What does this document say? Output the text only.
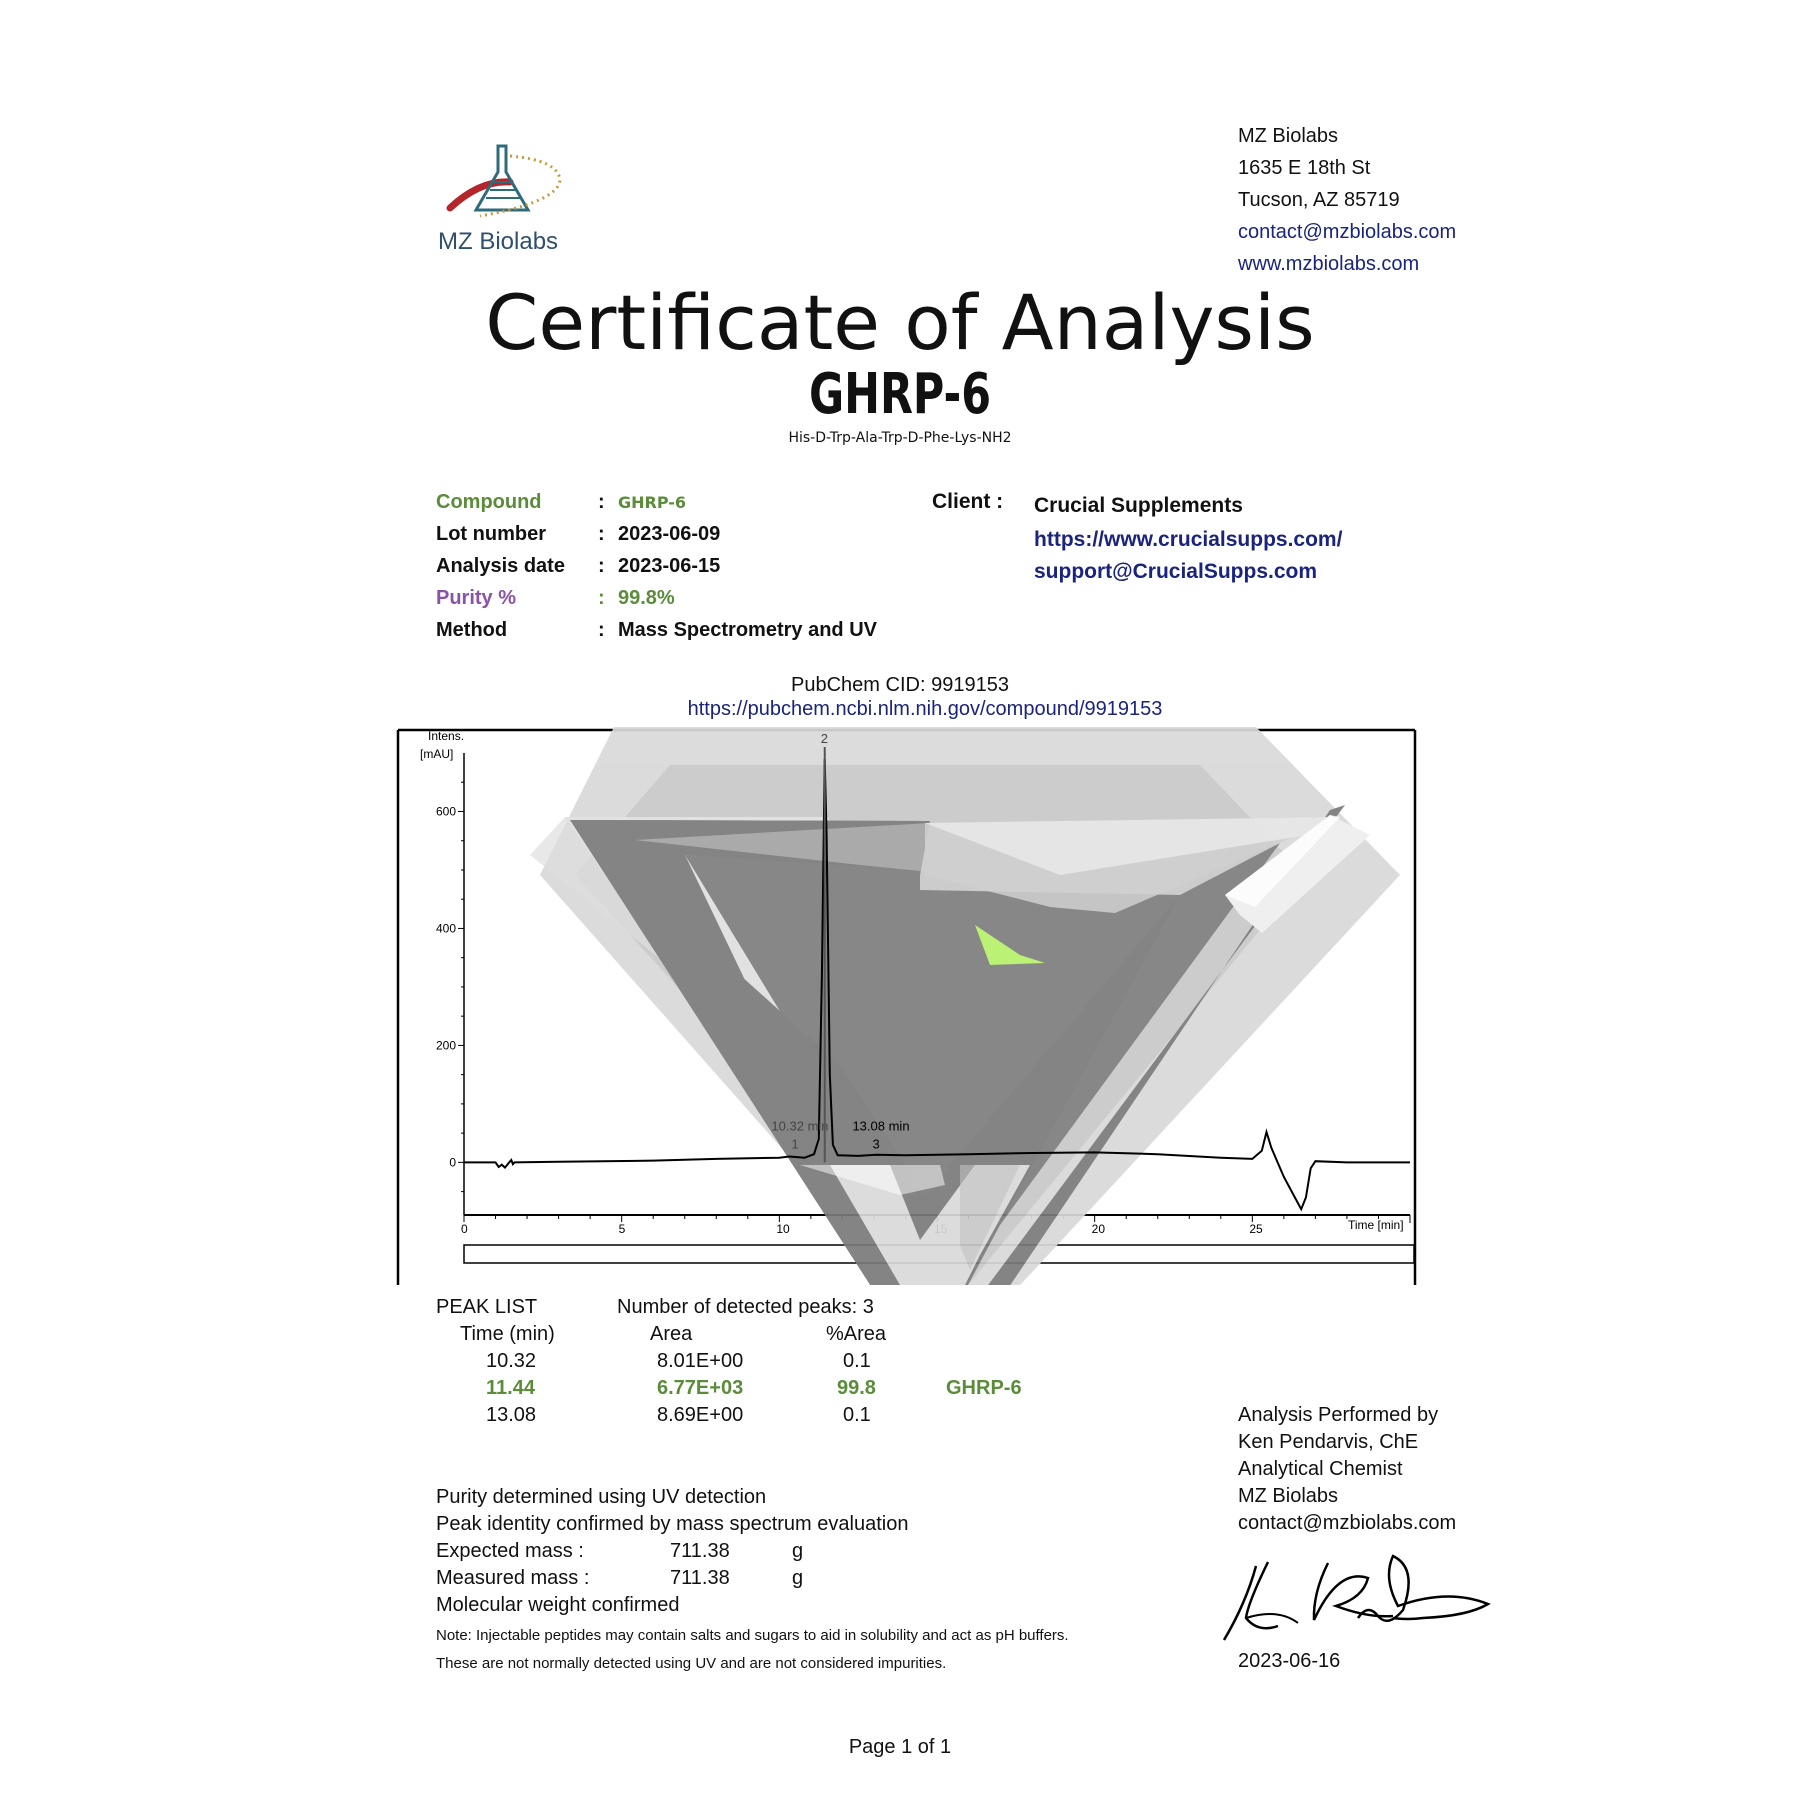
MZ Biolabs
MZ Biolabs
1635 E 18th St
Tucson, AZ 85719
contact@mzbiolabs.com
www.mzbiolabs.com
Certificate of Analysis
GHRP-6
His-D-Trp-Ala-Trp-D-Phe-Lys-NH2
Compound	: GHRP-6
Lot number	: 2023-06-09
Analysis date : 2023-06-15
Purity %	: 99.8%
Method	: Mass Spectrometry and UV
Client : Crucial Supplements
https://www.crucialsupps.com/
support@CrucialSupps.com
PubChem CID: 9919153
https://pubchem.ncbi.nlm.nih.gov/compound/9919153
Intens.
[mAU]
Time [min]
0	5	10	20	25
0
200
400
600
10.32 min
1
2
13.08 min
3
PEAK LIST	Number of detected peaks: 3
Time (min)	Area	%Area
10.32	8.01E+00	0.1
11.44	6.77E+03	99.8	GHRP-6
13.08	8.69E+00	0.1
Purity determined using UV detection
Peak identity confirmed by mass spectrum evaluation
Expected mass :	711.38	g
Measured mass :	711.38	g
Molecular weight confirmed
Note: Injectable peptides may contain salts and sugars to aid in solubility and act as pH buffers.
These are not normally detected using UV and are not considered impurities.
Analysis Performed by
Ken Pendarvis, ChE
Analytical Chemist
MZ Biolabs
contact@mzbiolabs.com
2023-06-16
Page 1 of 1
